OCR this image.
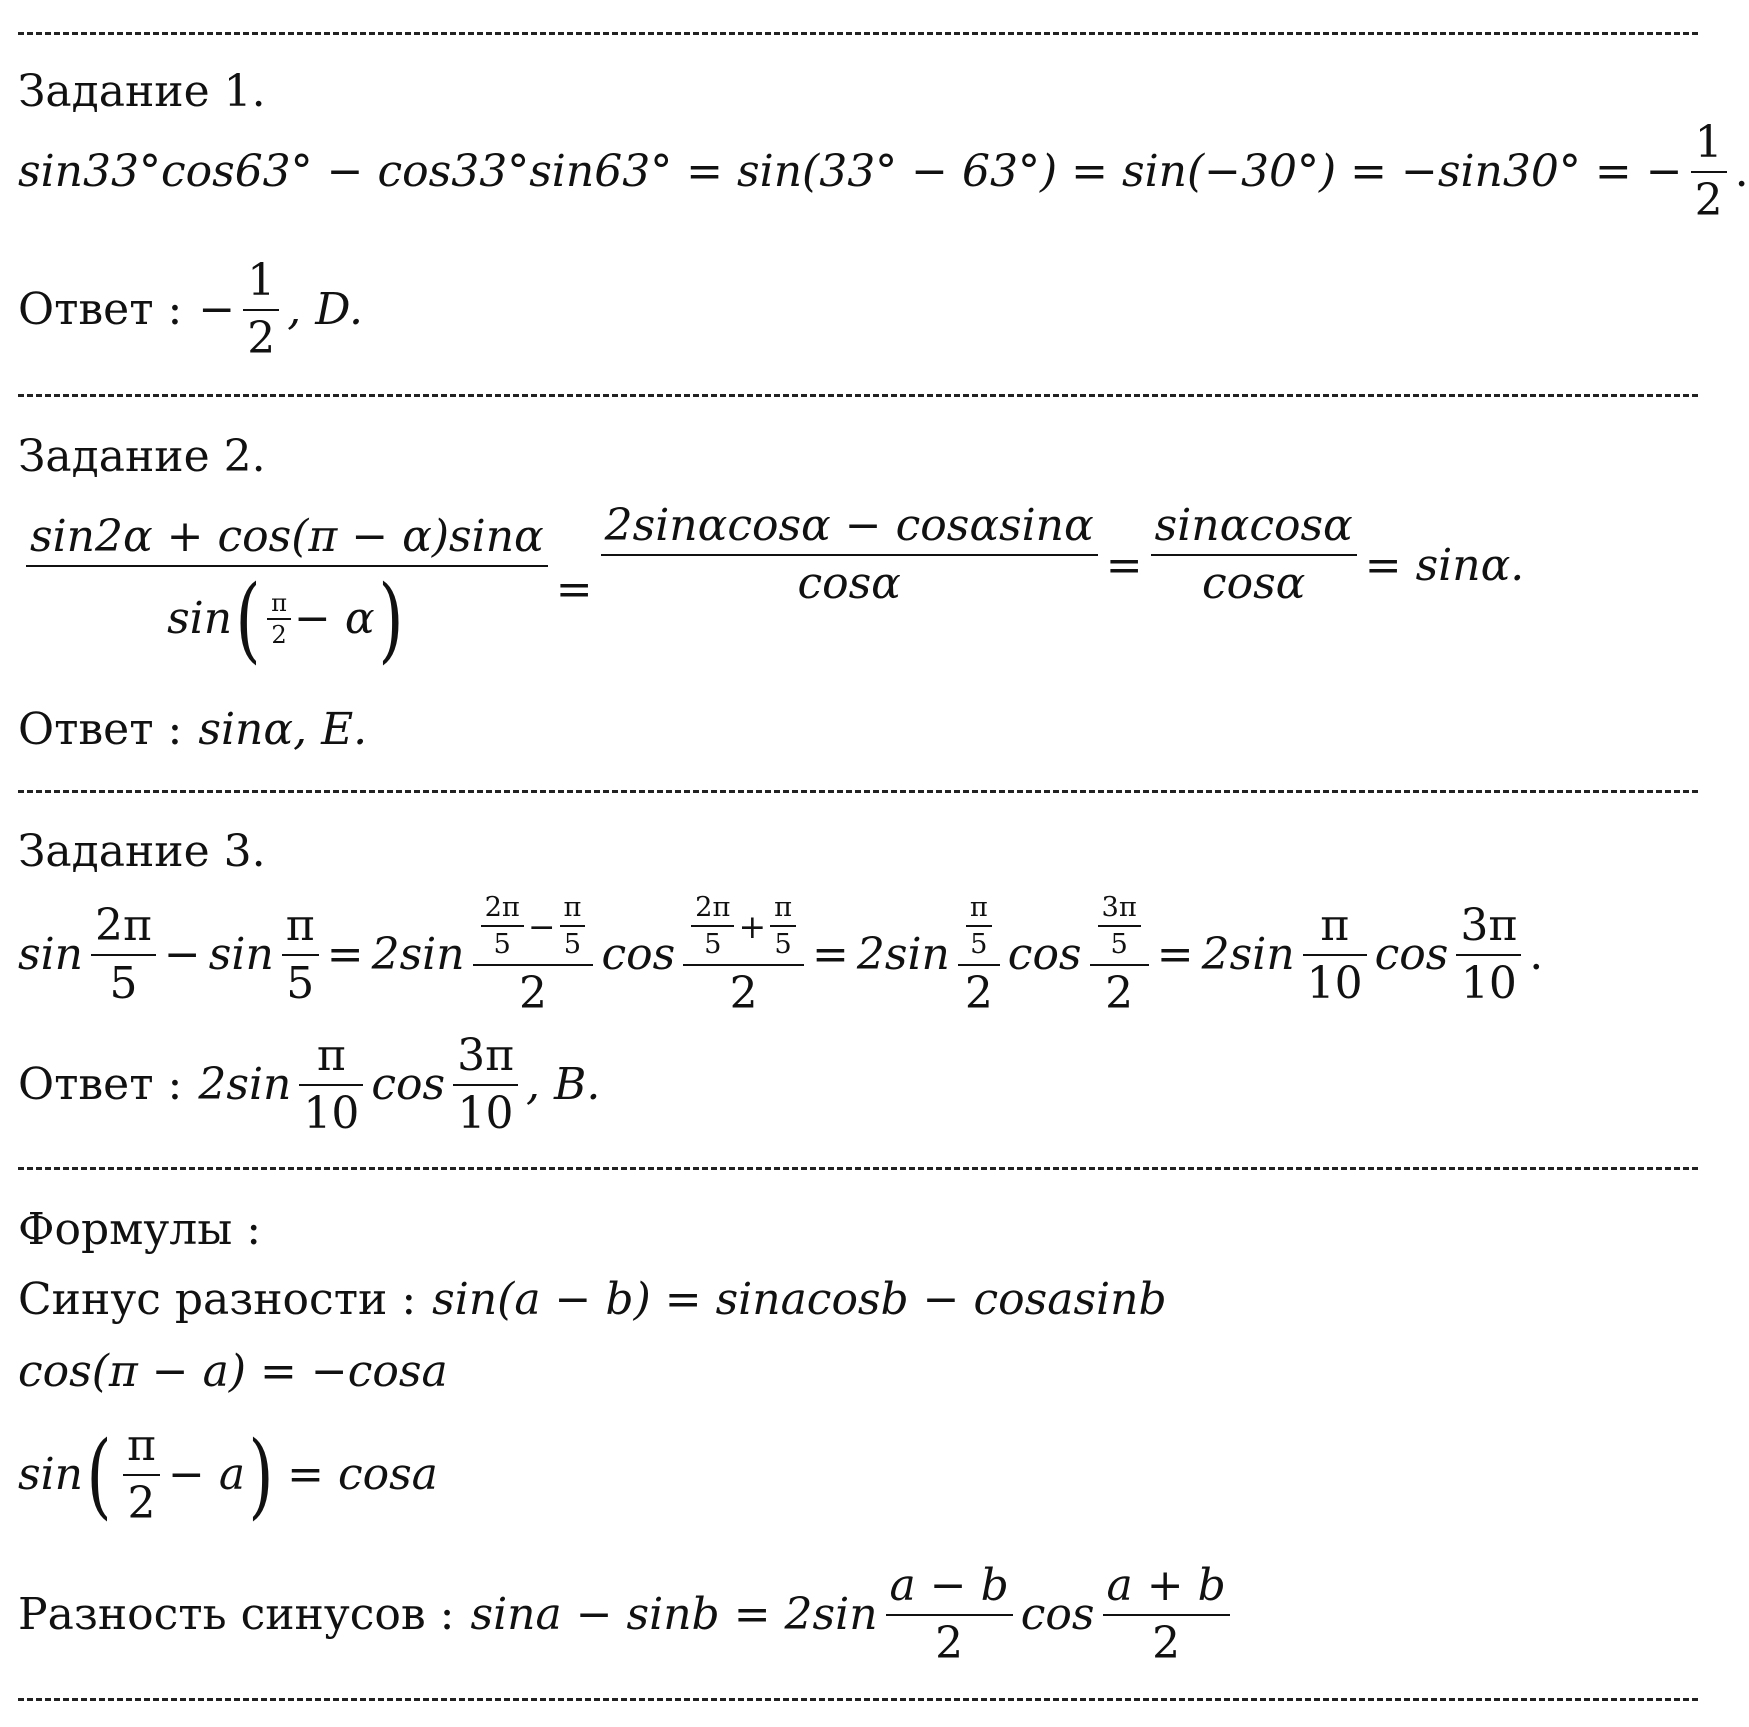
Задание 1.
sin33°cos63° − cos33°sin63° = sin(33° − 63°) = sin(−30°) = −sin30° = − $\frac{1}{2}$ .
Ответ : − $\frac{1}{2}$ , D.
Задание 2.
sin2α + cos(π − α)sinα
sin ( $\frac{\pi}{2} - \alpha$ )	= $\frac{2\sin\alpha\cos\alpha - \cos\alpha\sin\alpha}{\cos\alpha} = \frac{\sin\alpha\cos\alpha}{\cos\alpha} = \sin\alpha$.
Ответ : sinα, E.
Задание 3.
$\sin \frac{2\pi}{5} - \sin \frac{\pi}{5} = 2\sin \frac{2\pi}{5} - \frac{\pi}{5}$
2
$\cos \frac{2\pi}{5} + \frac{\pi}{5}$
2
= $2\sin \frac{\frac{\pi}{5}}{2}$ $\cos \frac{\frac{3\pi}{5}}{2} = 2\sin \frac{\pi}{10}$ $\cos \frac{3\pi}{10}$ .
Ответ : $2\sin \frac{\pi}{10}$ $\cos \frac{3\pi}{10}$ , B.
Формулы :
Синус разности : sin(a − b) = sinacosb − cosasinb
cos(π − a) = −cosa
sin ( $\frac{\pi}{2} - a$ ) = cosa
Разность синусов : $\sin a - \sin b = 2\sin \frac{a - b}{2}$ $\cos \frac{a + b}{2}$
